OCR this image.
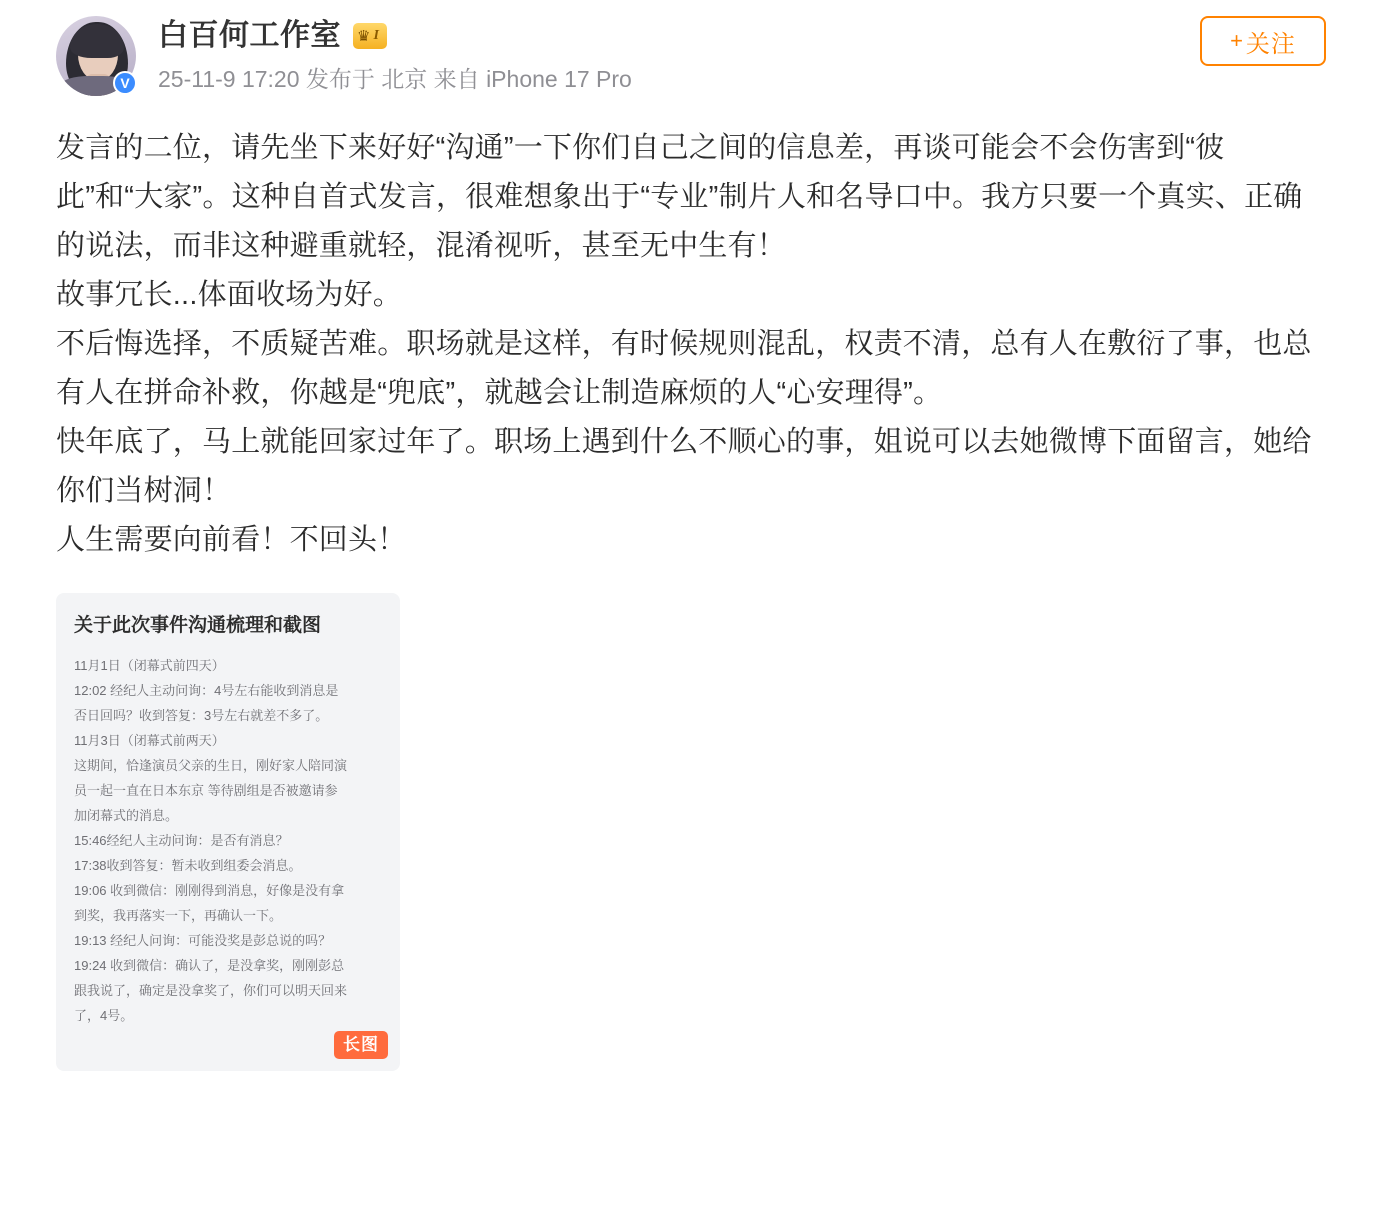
V
白百何工作室 ♛ I
25-11-9 17:20 发布于 北京 来自 iPhone 17 Pro
+ 关注

发言的二位，请先坐下来好好“沟通”一下你们自己之间的信息差，再谈可能会不会伤害到“彼此”和“大家”。这种自首式发言，很难想象出于“专业”制片人和名导口中。我方只要一个真实、正确的说法，而非这种避重就轻，混淆视听，甚至无中生有！

故事冗长...体面收场为好。

不后悔选择，不质疑苦难。职场就是这样，有时候规则混乱，权责不清，总有人在敷衍了事，也总有人在拼命补救，你越是“兜底”，就越会让制造麻烦的人“心安理得”。

快年底了，马上就能回家过年了。职场上遇到什么不顺心的事，姐说可以去她微博下面留言，她给你们当树洞！

人生需要向前看！不回头！

关于此次事件沟通梳理和截图

11月1日（闭幕式前四天）

12:02 经纪人主动问询：4号左右能收到消息是

否日回吗？收到答复：3号左右就差不多了。

11月3日（闭幕式前两天）

这期间，恰逢演员父亲的生日，刚好家人陪同演

员一起一直在日本东京 等待剧组是否被邀请参

加闭幕式的消息。

15:46经纪人主动问询：是否有消息？

17:38收到答复：暂未收到组委会消息。

19:06 收到微信：刚刚得到消息，好像是没有拿

到奖，我再落实一下，再确认一下。

19:13 经纪人问询：可能没奖是彭总说的吗？

19:24 收到微信：确认了，是没拿奖，刚刚彭总

跟我说了，确定是没拿奖了，你们可以明天回来

了，4号。

长图
